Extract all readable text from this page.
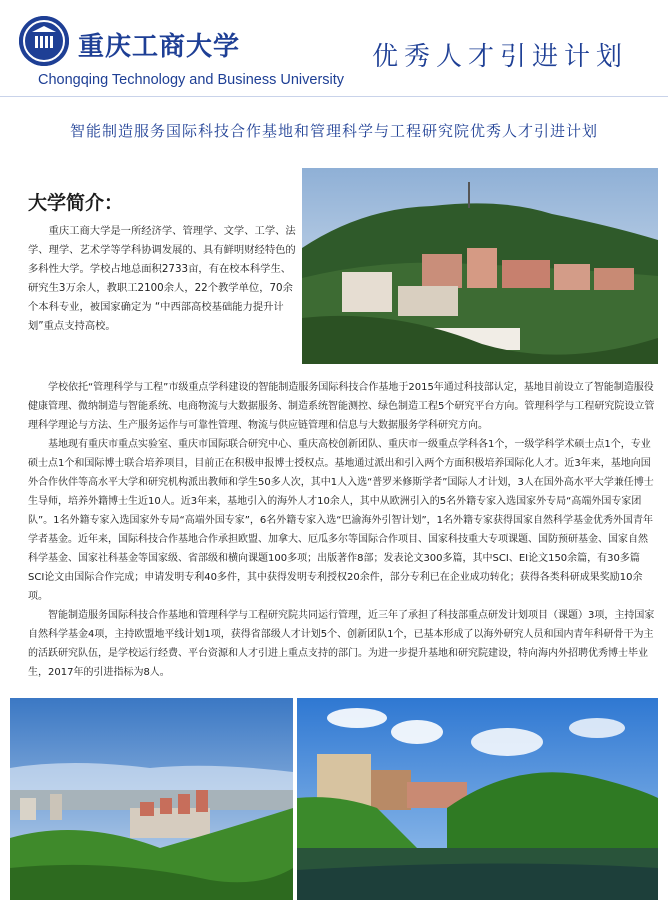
重庆工商大学
Chongqing Technology and Business University
优秀人才引进计划
智能制造服务国际科技合作基地和管理科学与工程研究院优秀人才引进计划
大学简介：
重庆工商大学是一所经济学、管理学、文学、工学、法学、理学、艺术学等学科协调发展的、具有鲜明财经特色的多科性大学。学校占地总面积2733亩，有在校本科学生、研究生3万余人，教职工2100余人，22个教学单位，70余个本科专业，被国家确定为 “中西部高校基础能力提升计划”重点支持高校。

学校依托“管理科学与工程”市级重点学科建设的智能制造服务国际科技合作基地于2015年通过科技部认定，基地目前设立了智能制造服役健康管理、微纳制造与智能系统、电商物流与大数据服务、制造系统智能测控、绿色制造工程5个研究平台方向。管理科学与工程研究院设立管理科学理论与方法、生产服务运作与可靠性管理、物流与供应链管理和信息与大数据服务学科研究方向。

基地现有重庆市重点实验室、重庆市国际联合研究中心、重庆高校创新团队、重庆市一级重点学科各1个，一级学科学术硕士点1个，专业硕士点1个和国际博士联合培养项目，目前正在积极申报博士授权点。基地通过派出和引入两个方面积极培养国际化人才。近3年来，基地向国外合作伙伴等高水平大学和研究机构派出教师和学生50多人次，其中1人入选“普罗米修斯学者”国际人才计划，3人在国外高水平大学兼任博士生导师，培养外籍博士生近10人。近3年来，基地引入的海外人才10余人，其中从欧洲引入的5名外籍专家入选国家外专局“高端外国专家团队”。1名外籍专家入选国家外专局“高端外国专家”，6名外籍专家入选“巴渝海外引智计划”，1名外籍专家获得国家自然科学基金优秀外国青年学者基金。近年来，国际科技合作基地合作承担欧盟、加拿大、厄瓜多尔等国际合作项目、国家科技重大专项课题、国防预研基金、国家自然科学基金、国家社科基金等国家级、省部级和横向课题100多项；出版著作8部；发表论文300多篇，其中SCI、EI论文150余篇，有30多篇SCI论文由国际合作完成；申请发明专利40多件，其中获得发明专利授权20余件，部分专利已在企业成功转化；获得各类科研成果奖励10余项。

智能制造服务国际科技合作基地和管理科学与工程研究院共同运行管理，近三年了承担了科技部重点研发计划项目（课题）3项，主持国家自然科学基金4项，主持欧盟地平线计划1项，获得省部级人才计划5个、创新团队1个，已基本形成了以海外研究人员和国内青年科研骨干为主的活跃研究队伍，是学校运行经费、平台资源和人才引进上重点支持的部门。为进一步提升基地和研究院建设，特向海内外招聘优秀博士毕业生，2017年的引进指标为8人。
